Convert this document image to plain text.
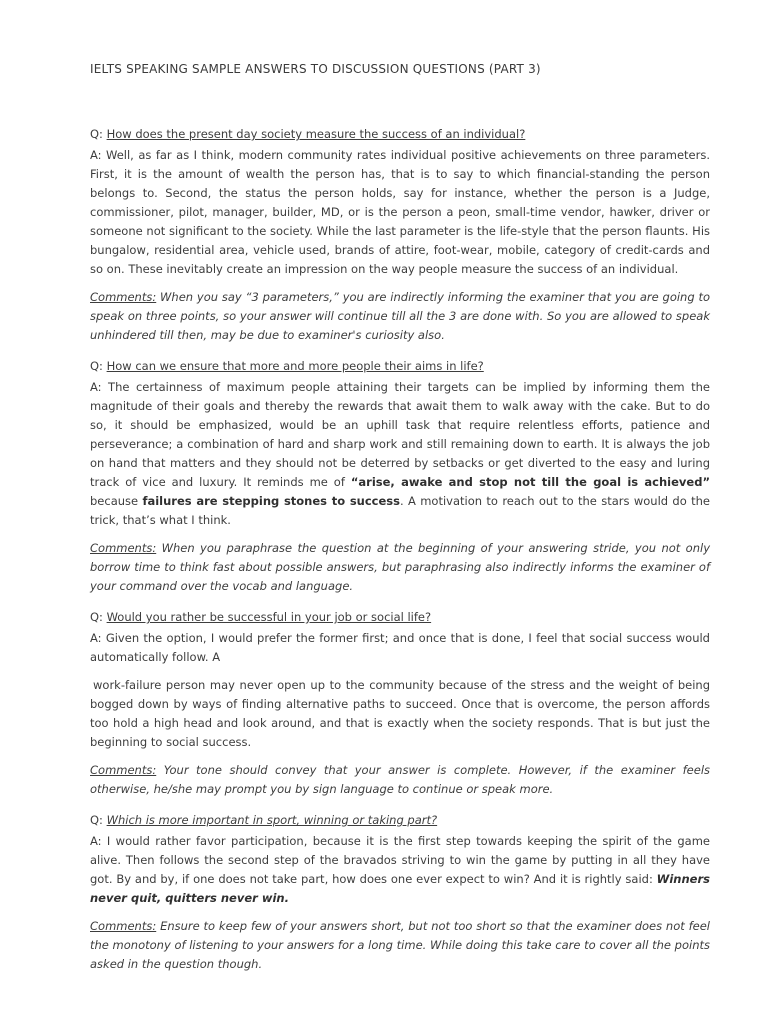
IELTS SPEAKING SAMPLE ANSWERS TO DISCUSSION QUESTIONS (PART 3)

Q: How does the present day society measure the success of an individual?

A: Well, as far as I think, modern community rates individual positive achievements on three parameters. First, it is the amount of wealth the person has, that is to say to which financial-standing the person belongs to. Second, the status the person holds, say for instance, whether the person is a Judge, commissioner, pilot, manager, builder, MD, or is the person a peon, small-time vendor, hawker, driver or someone not significant to the society. While the last parameter is the life-style that the person flaunts. His bungalow, residential area, vehicle used, brands of attire, foot-wear, mobile, category of credit-cards and so on. These inevitably create an impression on the way people measure the success of an individual.

Comments: When you say “3 parameters,” you are indirectly informing the examiner that you are going to speak on three points, so your answer will continue till all the 3 are done with. So you are allowed to speak unhindered till then, may be due to examiner's curiosity also.

Q: How can we ensure that more and more people their aims in life?

A: The certainness of maximum people attaining their targets can be implied by informing them the magnitude of their goals and thereby the rewards that await them to walk away with the cake. But to do so, it should be emphasized, would be an uphill task that require relentless efforts, patience and perseverance; a combination of hard and sharp work and still remaining down to earth. It is always the job on hand that matters and they should not be deterred by setbacks or get diverted to the easy and luring track of vice and luxury. It reminds me of “arise, awake and stop not till the goal is achieved” because failures are stepping stones to success. A motivation to reach out to the stars would do the trick, that’s what I think.

Comments: When you paraphrase the question at the beginning of your answering stride, you not only borrow time to think fast about possible answers, but paraphrasing also indirectly informs the examiner of your command over the vocab and language.

Q: Would you rather be successful in your job or social life?

A: Given the option, I would prefer the former first; and once that is done, I feel that social success would automatically follow. A

work-failure person may never open up to the community because of the stress and the weight of being bogged down by ways of finding alternative paths to succeed. Once that is overcome, the person affords too hold a high head and look around, and that is exactly when the society responds. That is but just the beginning to social success.

Comments: Your tone should convey that your answer is complete. However, if the examiner feels otherwise, he/she may prompt you by sign language to continue or speak more.

Q: Which is more important in sport, winning or taking part?

A: I would rather favor participation, because it is the first step towards keeping the spirit of the game alive. Then follows the second step of the bravados striving to win the game by putting in all they have got. By and by, if one does not take part, how does one ever expect to win? And it is rightly said: Winners never quit, quitters never win.

Comments: Ensure to keep few of your answers short, but not too short so that the examiner does not feel the monotony of listening to your answers for a long time. While doing this take care to cover all the points asked in the question though.
